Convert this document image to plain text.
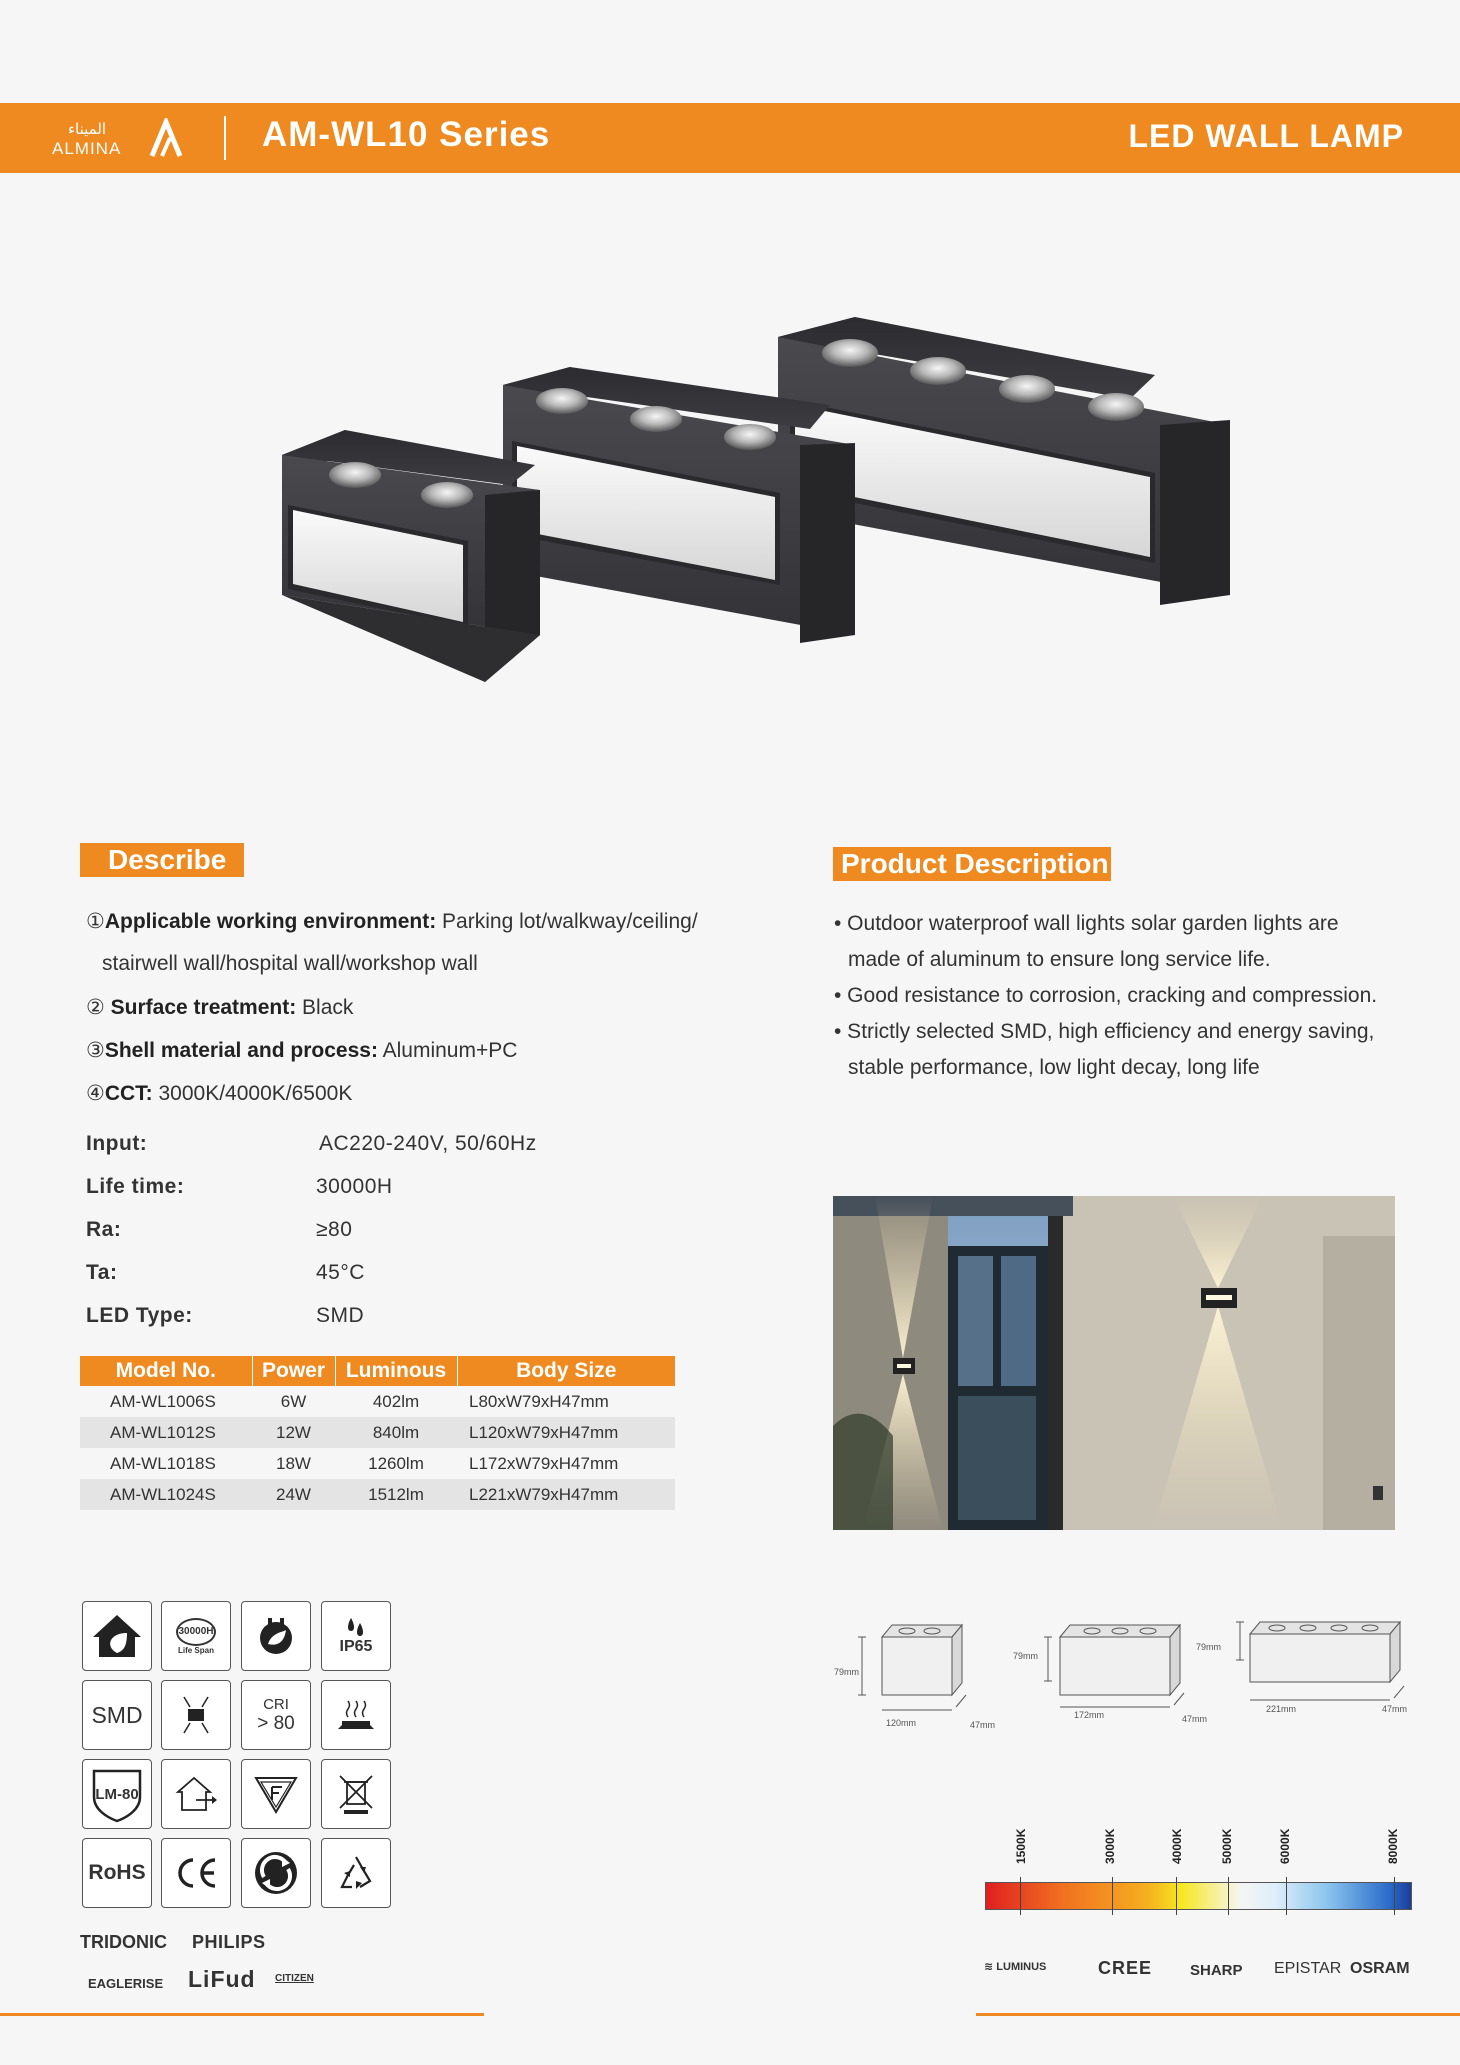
الميناء
ALMINA	AM-WL10 Series	LED WALL LAMP
Describe
①Applicable working environment: Parking lot/walkway/ceiling/
stairwell wall/hospital wall/workshop wall
② Surface treatment: Black
③Shell material and process: Aluminum+PC
④CCT: 3000K/4000K/6500K
Input:	AC220-240V, 50/60Hz
Life time:	30000H
Ra:	≥80
Ta:	45°C
LED Type:	SMD
Product Description
• Outdoor waterproof wall lights solar garden lights are
made of aluminum to ensure long service life.
• Good resistance to corrosion, cracking and compression.
• Strictly selected SMD, high efficiency and energy saving,
stable performance, low light decay, long life
Model No.	Power	Luminous	Body Size
AM-WL1006S	6W	402lm	L80xW79xH47mm
AM-WL1012S	12W	840lm	L120xW79xH47mm
AM-WL1018S	18W	1260lm	L172xW79xH47mm
AM-WL1024S	24W	1512lm	L221xW79xH47mm
30000H
Life Span	IP65
SMD	CRI
> 80
LM-80
RoHS
79mm
120mm	47mm
79mm
172mm	47mm
79mm
221mm	47mm
1500K	3000K	4000K	5000K	6000K	8000K
TRIDONIC PHILIPS
EAGLERISE LiFud CITIZEN
≋ LUMINUS	CREE	SHARP EPISTAR OSRAM
